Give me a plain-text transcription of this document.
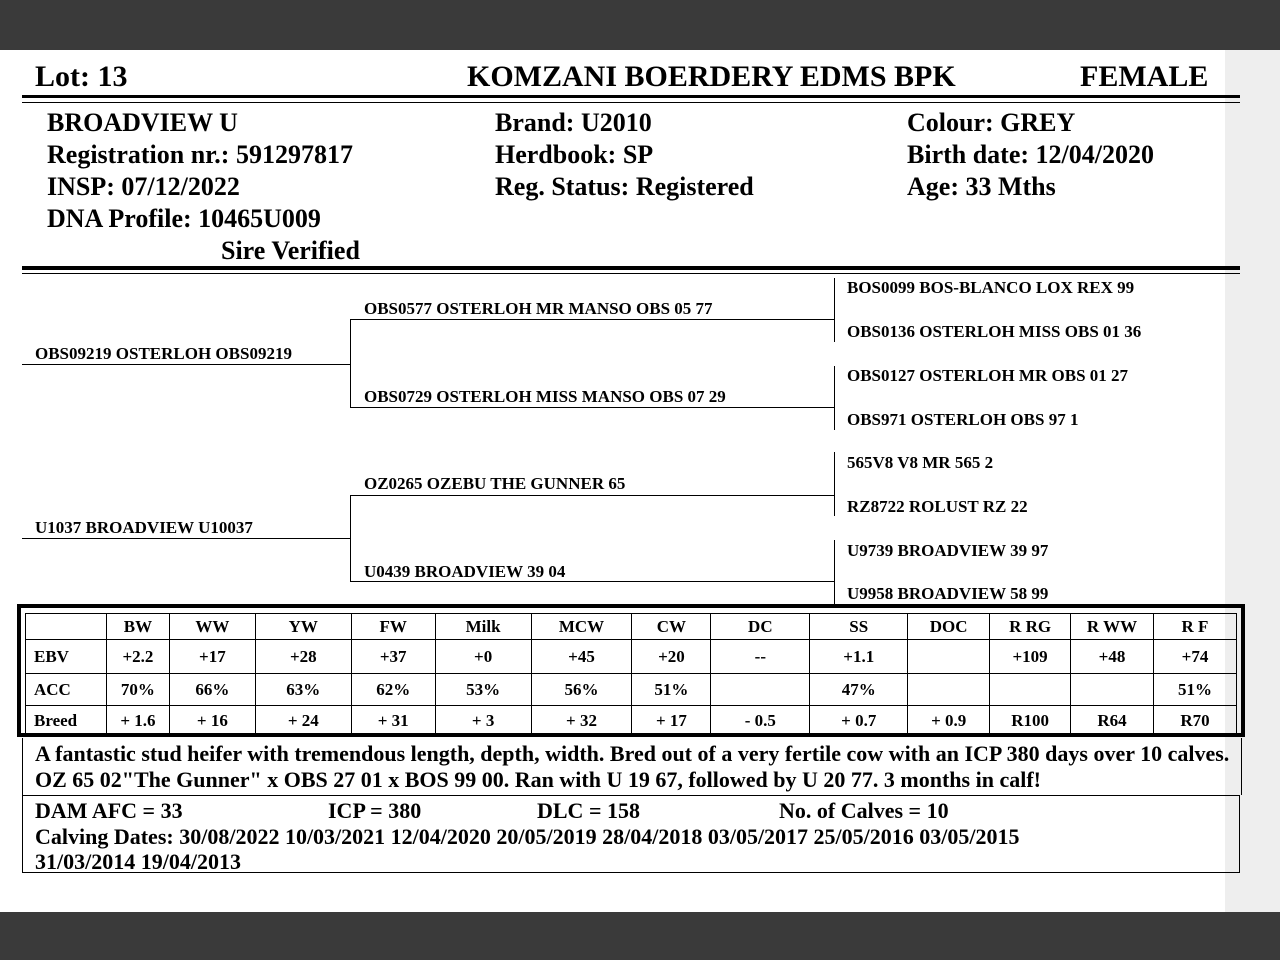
Lot: 13	KOMZANI BOERDERY EDMS BPK	FEMALE
BROADVIEW U
Registration nr.: 591297817
INSP: 07/12/2022
DNA Profile: 10465U009
Sire Verified
Brand: U2010
Herdbook: SP
Reg. Status: Registered
Colour: GREY
Birth date: 12/04/2020
Age: 33 Mths
OBS09219 OSTERLOH OBS09219
U1037 BROADVIEW U10037
OBS0577 OSTERLOH MR MANSO OBS 05 77
OBS0729 OSTERLOH MISS MANSO OBS 07 29
OZ0265 OZEBU THE GUNNER 65
U0439 BROADVIEW 39 04
BOS0099 BOS-BLANCO LOX REX 99
OBS0136 OSTERLOH MISS OBS 01 36
OBS0127 OSTERLOH MR OBS 01 27
OBS971 OSTERLOH OBS 97 1
565V8 V8 MR 565 2
RZ8722 ROLUST RZ 22
U9739 BROADVIEW 39 97
U9958 BROADVIEW 58 99
	BW	WW	YW	FW	Milk	MCW	CW	DC	SS	DOC	R RG	R WW	R F
EBV	+2.2	+17	+28	+37	+0	+45	+20	--	+1.1		+109	+48	+74
ACC	70%	66%	63%	62%	53%	56%	51%		47%				51%
Breed	+ 1.6	+ 16	+ 24	+ 31	+ 3	+ 32	+ 17	- 0.5	+ 0.7	+ 0.9	R100	R64	R70

A fantastic stud heifer with tremendous length, depth, width. Bred out of a very fertile cow with an ICP 380 days over 10 calves. OZ 65 02"The Gunner" x OBS 27 01 x BOS 99 00. Ran with U 19 67, followed by U 20 77. 3 months in calf!

DAM AFC = 33	ICP = 380	DLC = 158	No. of Calves = 10
Calving Dates: 30/08/2022 10/03/2021 12/04/2020 20/05/2019 28/04/2018 03/05/2017 25/05/2016 03/05/2015
31/03/2014 19/04/2013
